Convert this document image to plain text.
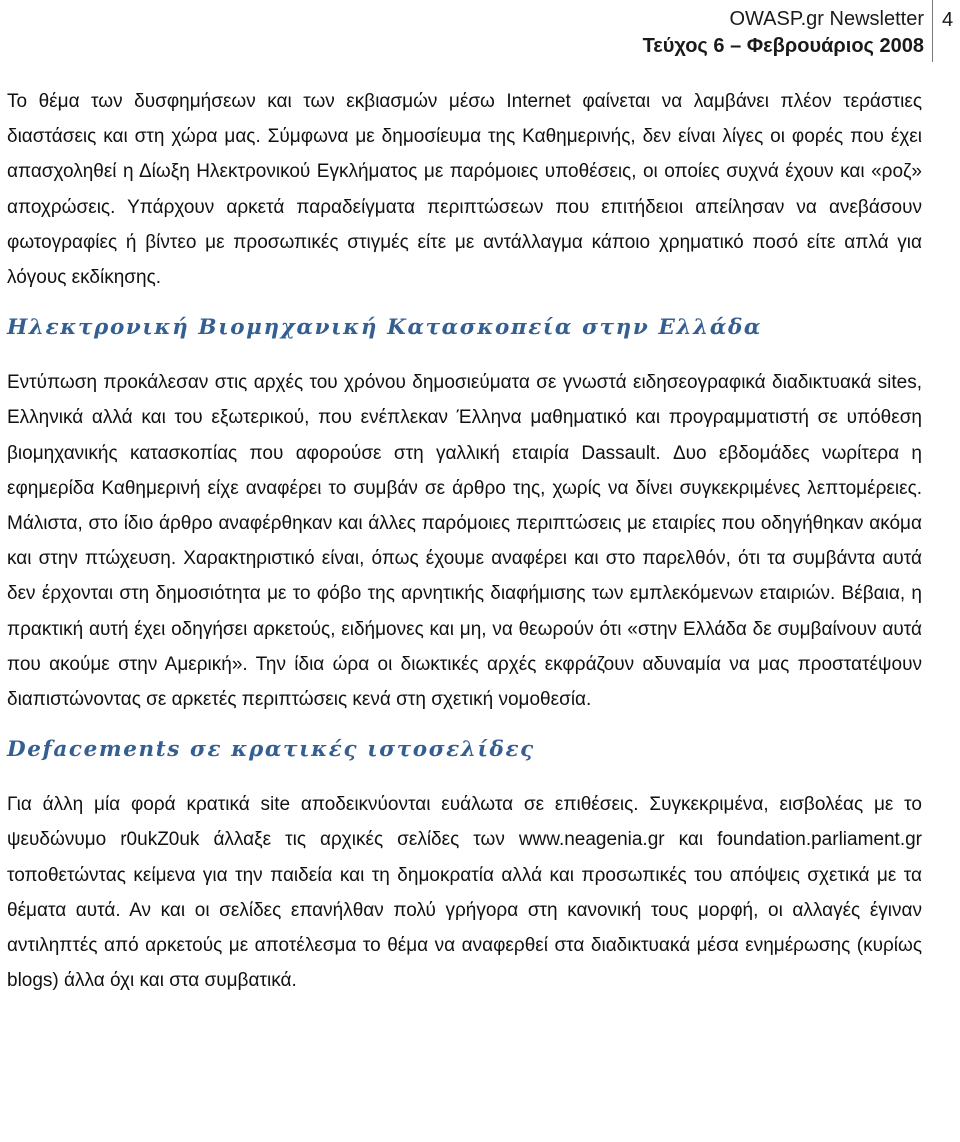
OWASP.gr Newsletter
Τεύχος 6 – Φεβρουάριος 2008
4

Το θέμα των δυσφημήσεων και των εκβιασμών μέσω Internet φαίνεται να λαμβάνει πλέον τεράστιες διαστάσεις και στη χώρα μας. Σύμφωνα με δημοσίευμα της Καθημερινής, δεν είναι λίγες οι φορές που έχει απασχοληθεί η Δίωξη Ηλεκτρονικού Εγκλήματος με παρόμοιες υποθέσεις, οι οποίες συχνά έχουν και «ροζ» αποχρώσεις. Υπάρχουν αρκετά παραδείγματα περιπτώσεων που επιτήδειοι απείλησαν να ανεβάσουν φωτογραφίες ή βίντεο με προσωπικές στιγμές είτε με αντάλλαγμα κάποιο χρηματικό ποσό είτε απλά για λόγους εκδίκησης.

Ηλεκτρονική Βιομηχανική Κατασκοπεία στην Ελλάδα

Εντύπωση προκάλεσαν στις αρχές του χρόνου δημοσιεύματα σε γνωστά ειδησεογραφικά διαδικτυακά sites, Ελληνικά αλλά και του εξωτερικού, που ενέπλεκαν Έλληνα μαθηματικό και προγραμματιστή σε υπόθεση βιομηχανικής κατασκοπίας που αφορούσε στη γαλλική εταιρία Dassault. Δυο εβδομάδες νωρίτερα η εφημερίδα Καθημερινή είχε αναφέρει το συμβάν σε άρθρο της, χωρίς να δίνει συγκεκριμένες λεπτομέρειες. Μάλιστα, στο ίδιο άρθρο αναφέρθηκαν και άλλες παρόμοιες περιπτώσεις με εταιρίες που οδηγήθηκαν ακόμα και στην πτώχευση. Χαρακτηριστικό είναι, όπως έχουμε αναφέρει και στο παρελθόν, ότι τα συμβάντα αυτά δεν έρχονται στη δημοσιότητα με το φόβο της αρνητικής διαφήμισης των εμπλεκόμενων εταιριών. Βέβαια, η πρακτική αυτή έχει οδηγήσει αρκετούς, ειδήμονες και μη, να θεωρούν ότι «στην Ελλάδα δε συμβαίνουν αυτά που ακούμε στην Αμερική». Την ίδια ώρα οι διωκτικές αρχές εκφράζουν αδυναμία να μας προστατέψουν διαπιστώνοντας σε αρκετές περιπτώσεις κενά στη σχετική νομοθεσία.

Defacements σε κρατικές ιστοσελίδες

Για άλλη μία φορά κρατικά site αποδεικνύονται ευάλωτα σε επιθέσεις. Συγκεκριμένα, εισβολέας με το ψευδώνυμο r0ukZ0uk άλλαξε τις αρχικές σελίδες των www.neagenia.gr και foundation.parliament.gr τοποθετώντας κείμενα για την παιδεία και τη δημοκρατία αλλά και προσωπικές του απόψεις σχετικά με τα θέματα αυτά. Αν και οι σελίδες επανήλθαν πολύ γρήγορα στη κανονική τους μορφή, οι αλλαγές έγιναν αντιληπτές από αρκετούς με αποτέλεσμα το θέμα να αναφερθεί στα διαδικτυακά μέσα ενημέρωσης (κυρίως blogs) άλλα όχι και στα συμβατικά.
